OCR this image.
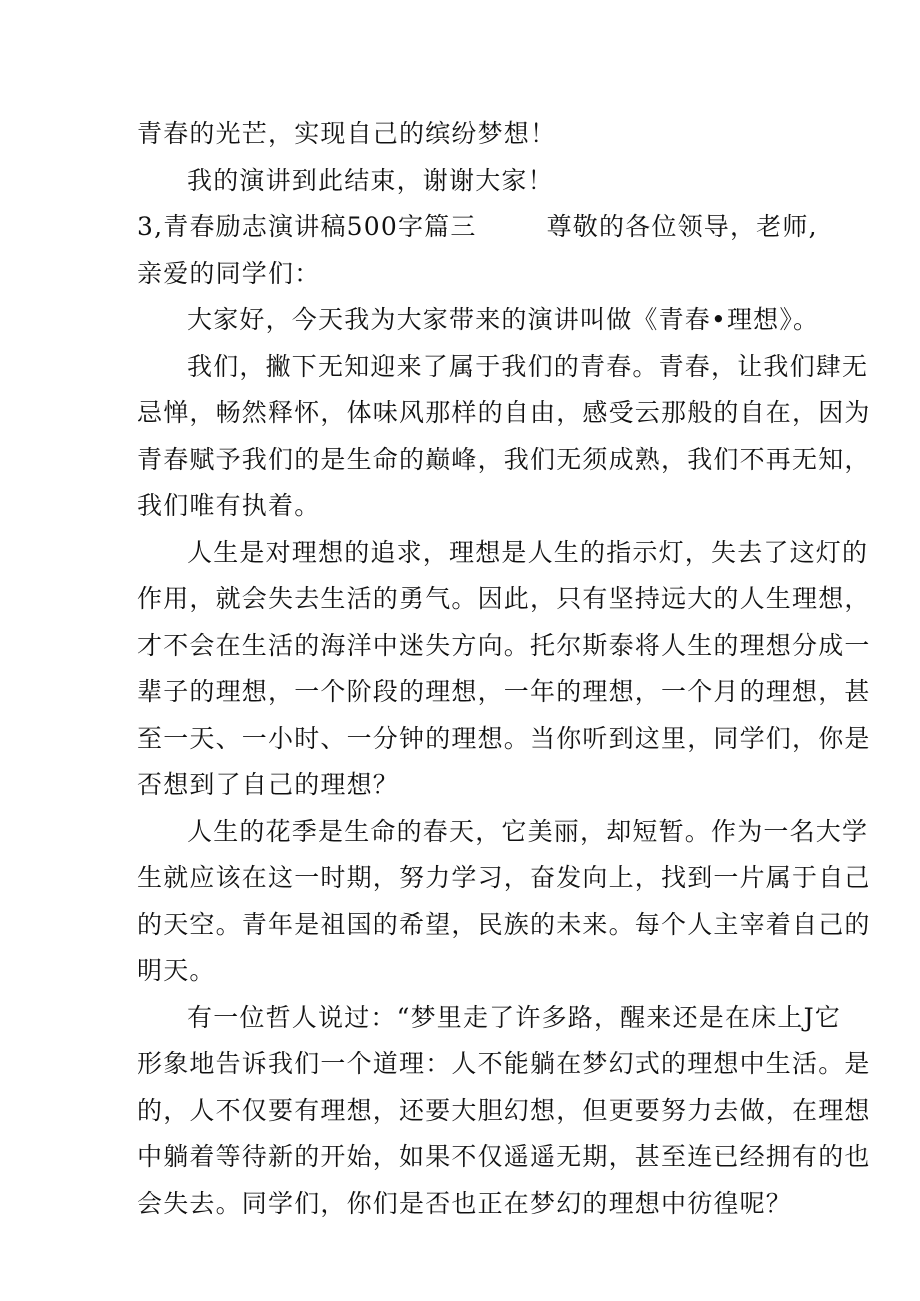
青春的光芒，实现自己的缤纷梦想！
我的演讲到此结束，谢谢大家！
3,青春励志演讲稿500字篇三	尊敬的各位领导，老师,
亲爱的同学们：
大家好，今天我为大家带来的演讲叫做《青春•理想》。
我们，撇下无知迎来了属于我们的青春。青春，让我们肆无
忌惮，畅然释怀，体味风那样的自由，感受云那般的自在，因为
青春赋予我们的是生命的巅峰，我们无须成熟，我们不再无知，
我们唯有执着。
人生是对理想的追求，理想是人生的指示灯，失去了这灯的
作用，就会失去生活的勇气。因此，只有坚持远大的人生理想，
才不会在生活的海洋中迷失方向。托尔斯泰将人生的理想分成一
辈子的理想，一个阶段的理想，一年的理想，一个月的理想，甚
至一天、一小时、一分钟的理想。当你听到这里，同学们，你是
否想到了自己的理想？
人生的花季是生命的春天，它美丽，却短暂。作为一名大学
生就应该在这一时期，努力学习，奋发向上，找到一片属于自己
的天空。青年是祖国的希望，民族的未来。每个人主宰着自己的
明天。
有一位哲人说过：“梦里走了许多路，醒来还是在床上J它
形象地告诉我们一个道理：人不能躺在梦幻式的理想中生活。是
的，人不仅要有理想，还要大胆幻想，但更要努力去做，在理想
中躺着等待新的开始，如果不仅遥遥无期，甚至连已经拥有的也
会失去。同学们，你们是否也正在梦幻的理想中彷徨呢？
